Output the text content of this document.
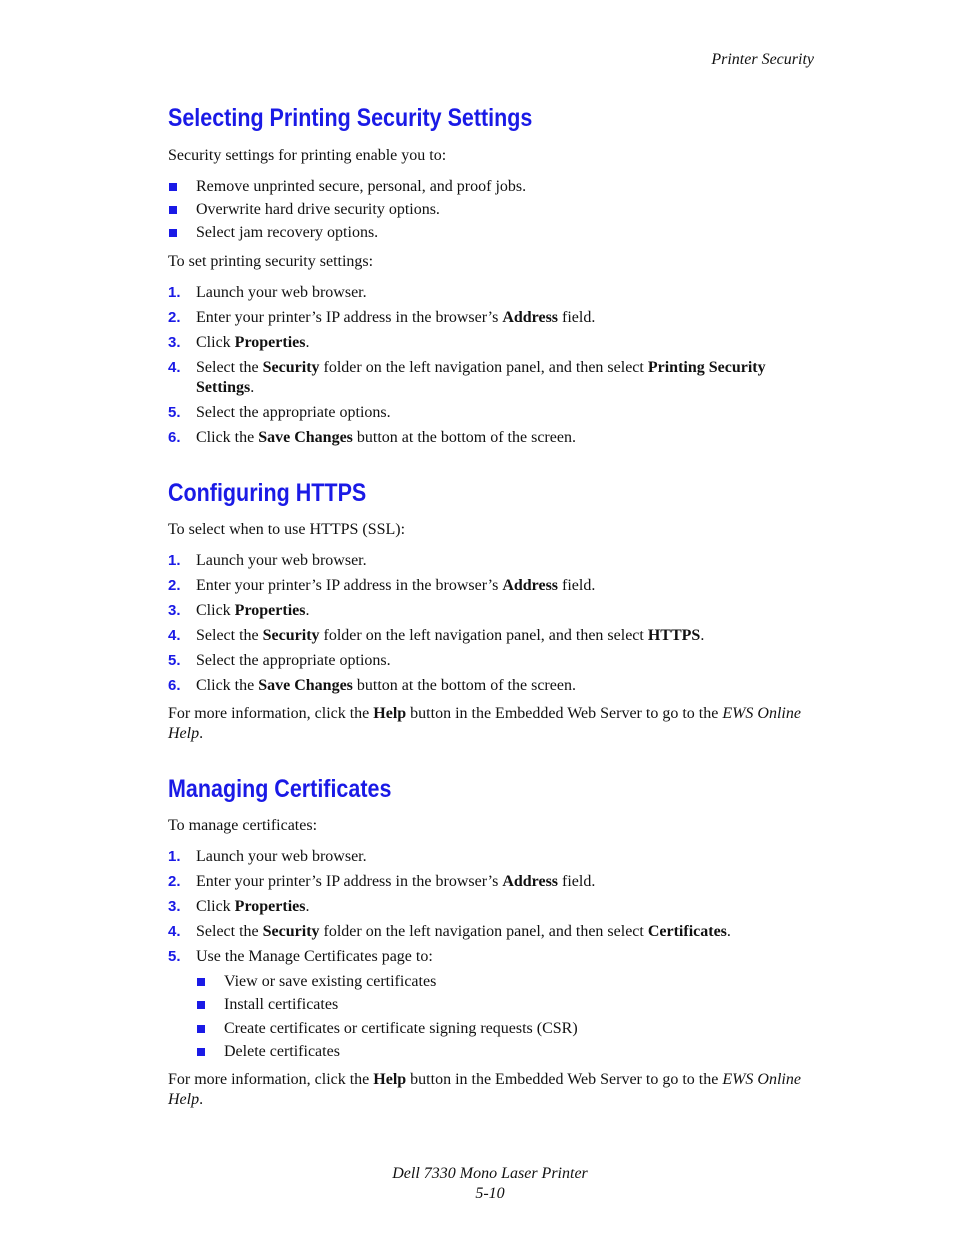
Printer Security
Selecting Printing Security Settings
Security settings for printing enable you to:
Remove unprinted secure, personal, and proof jobs.
Overwrite hard drive security options.
Select jam recovery options.
To set printing security settings:
1. Launch your web browser.
2. Enter your printer’s IP address in the browser’s Address field.
3. Click Properties.
4. Select the Security folder on the left navigation panel, and then select Printing Security Settings.
5. Select the appropriate options.
6. Click the Save Changes button at the bottom of the screen.
Configuring HTTPS
To select when to use HTTPS (SSL):
1. Launch your web browser.
2. Enter your printer’s IP address in the browser’s Address field.
3. Click Properties.
4. Select the Security folder on the left navigation panel, and then select HTTPS.
5. Select the appropriate options.
6. Click the Save Changes button at the bottom of the screen.
For more information, click the Help button in the Embedded Web Server to go to the EWS Online Help.
Managing Certificates
To manage certificates:
1. Launch your web browser.
2. Enter your printer’s IP address in the browser’s Address field.
3. Click Properties.
4. Select the Security folder on the left navigation panel, and then select Certificates.
5. Use the Manage Certificates page to:
View or save existing certificates
Install certificates
Create certificates or certificate signing requests (CSR)
Delete certificates
For more information, click the Help button in the Embedded Web Server to go to the EWS Online Help.
Dell 7330 Mono Laser Printer
5-10
